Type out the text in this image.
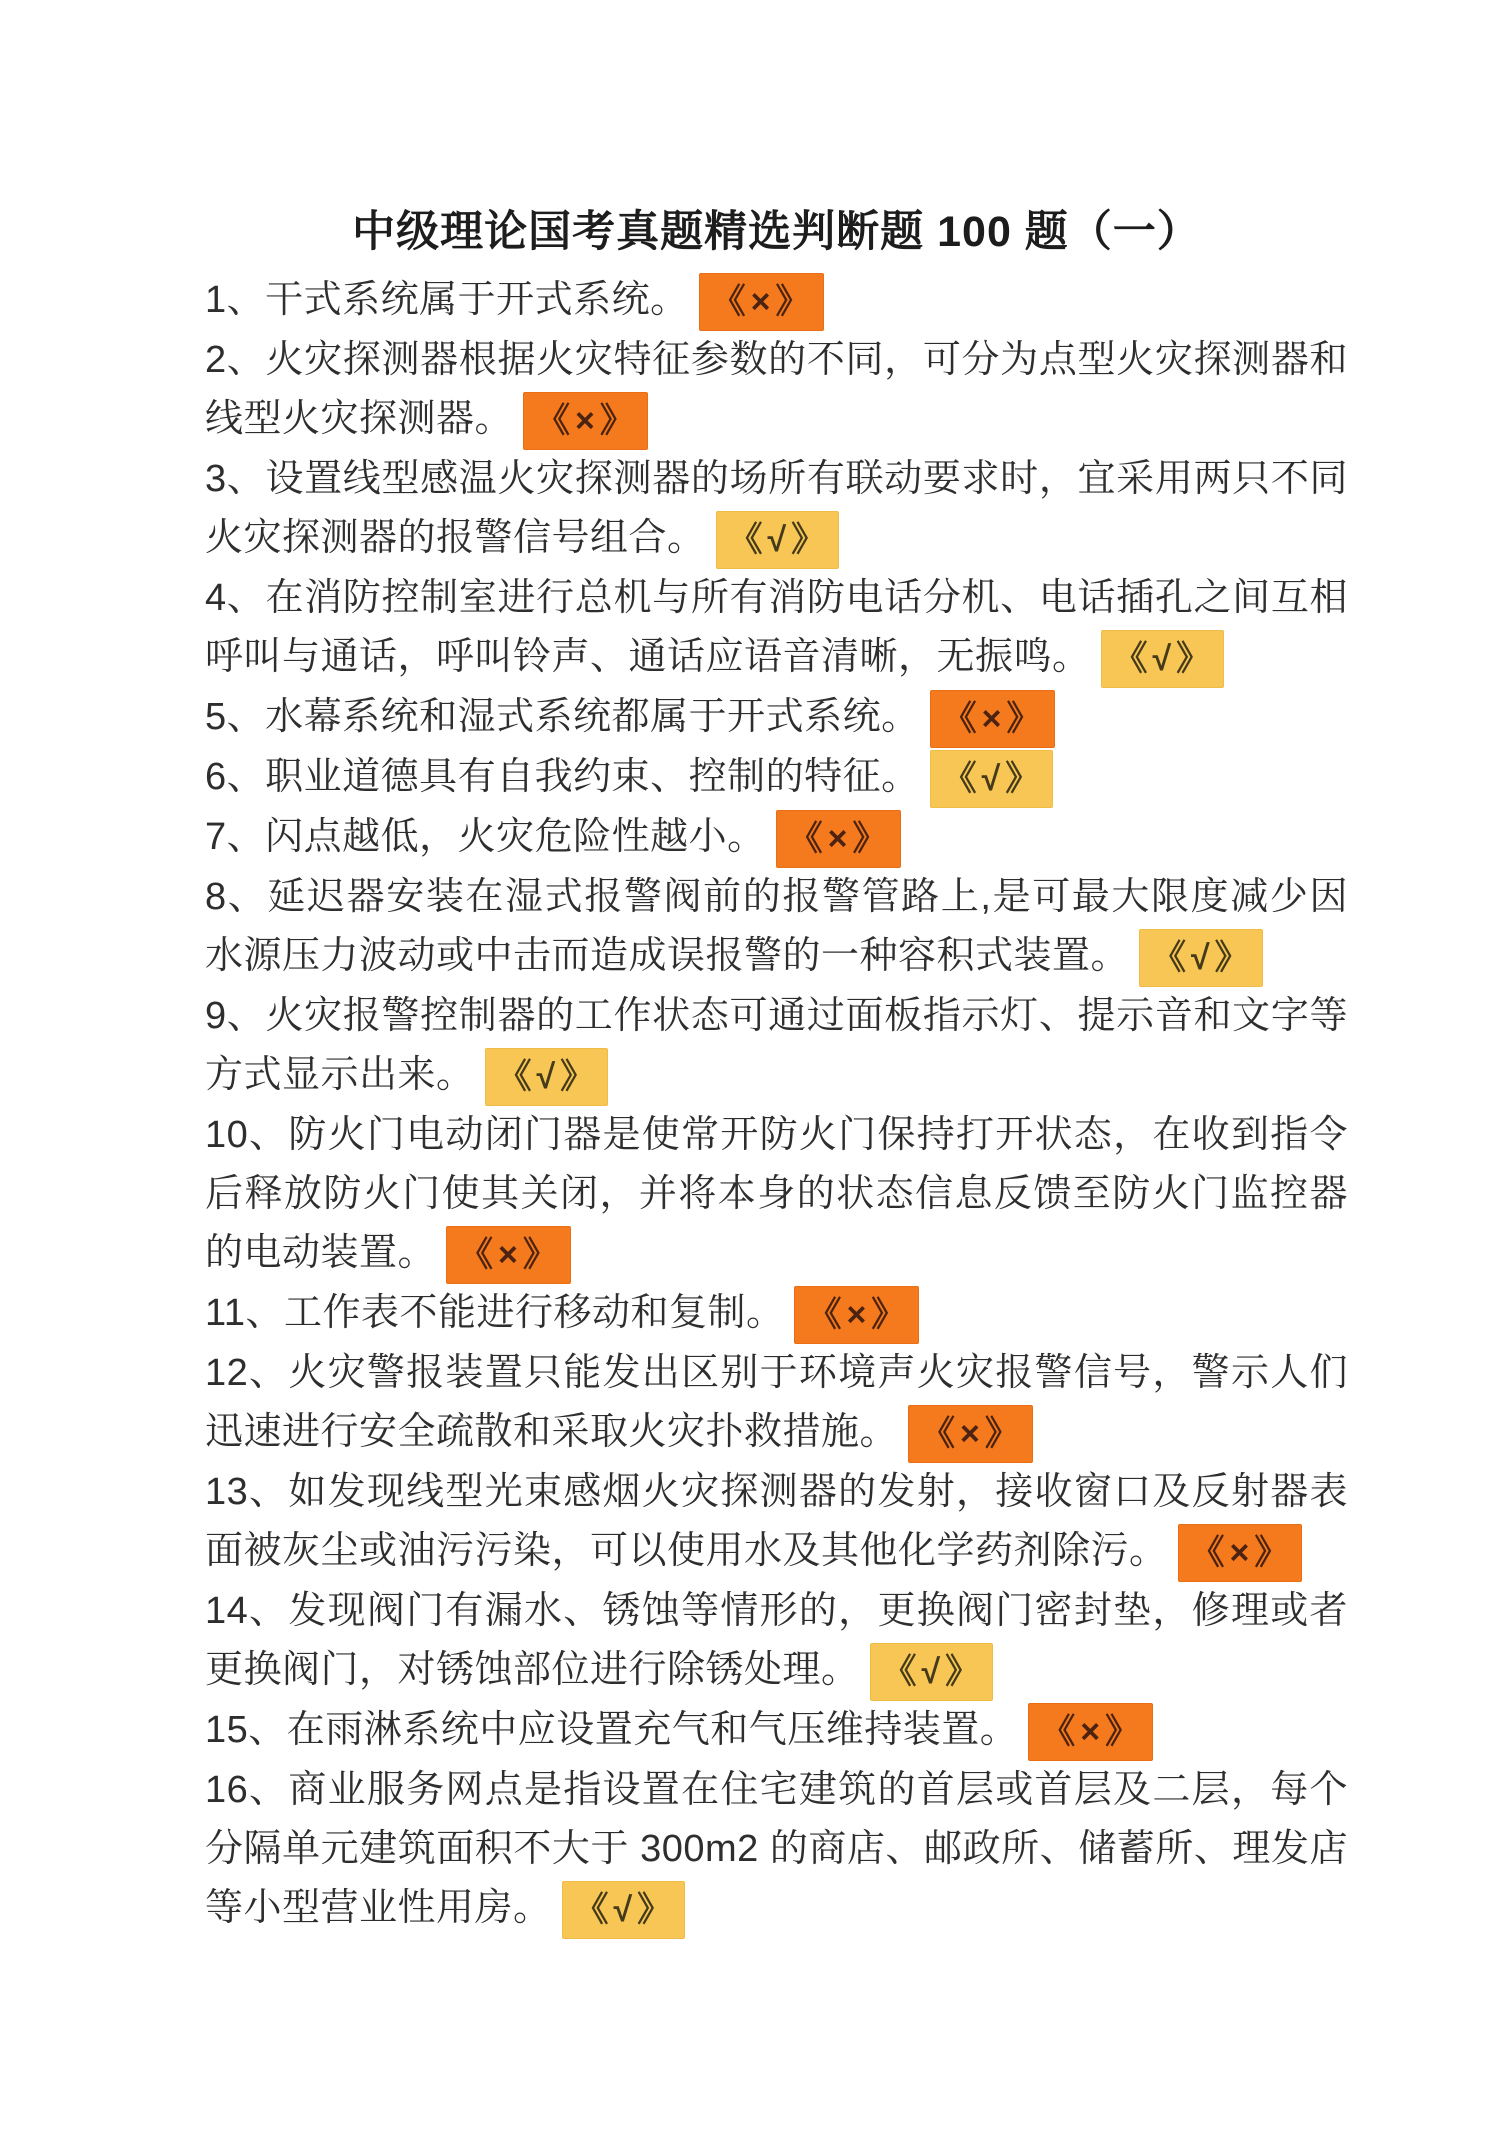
中级理论国考真题精选判断题 100 题（一）

1、干式系统属于开式系统。 《×》

2、火灾探测器根据火灾特征参数的不同，可分为点型火灾探测器和线型火灾探测器。 《×》

3、设置线型感温火灾探测器的场所有联动要求时，宜采用两只不同火灾探测器的报警信号组合。 《√》

4、在消防控制室进行总机与所有消防电话分机、电话插孔之间互相呼叫与通话，呼叫铃声、通话应语音清晰，无振鸣。 《√》

5、水幕系统和湿式系统都属于开式系统。 《×》

6、职业道德具有自我约束、控制的特征。 《√》

7、闪点越低，火灾危险性越小。 《×》

8、延迟器安装在湿式报警阀前的报警管路上,是可最大限度减少因水源压力波动或中击而造成误报警的一种容积式装置。 《√》

9、火灾报警控制器的工作状态可通过面板指示灯、提示音和文字等方式显示出来。 《√》

10、防火门电动闭门器是使常开防火门保持打开状态，在收到指令后释放防火门使其关闭，并将本身的状态信息反馈至防火门监控器的电动装置。 《×》

11、工作表不能进行移动和复制。 《×》

12、火灾警报装置只能发出区别于环境声火灾报警信号，警示人们迅速进行安全疏散和采取火灾扑救措施。 《×》

13、如发现线型光束感烟火灾探测器的发射，接收窗口及反射器表面被灰尘或油污污染，可以使用水及其他化学药剂除污。 《×》

14、发现阀门有漏水、锈蚀等情形的，更换阀门密封垫，修理或者更换阀门，对锈蚀部位进行除锈处理。 《√》

15、在雨淋系统中应设置充气和气压维持装置。 《×》

16、商业服务网点是指设置在住宅建筑的首层或首层及二层，每个分隔单元建筑面积不大于 300m2 的商店、邮政所、储蓄所、理发店等小型营业性用房。 《√》
